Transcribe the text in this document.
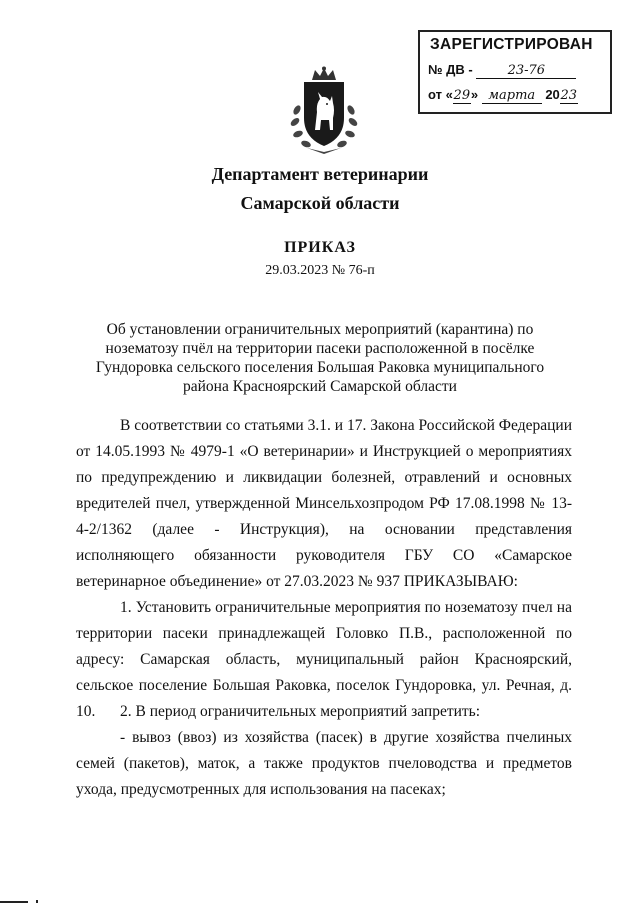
ЗАРЕГИСТРИРОВАН
№ ДВ -	23-76
от «29» марта 2023
Департамент ветеринарии
Самарской области
ПРИКАЗ
29.03.2023 № 76-п
Об установлении ограничительных мероприятий (карантина) по нозематозу пчёл на территории пасеки расположенной в посёлке Гундоровка сельского поселения Большая Раковка муниципального района Красноярский Самарской области

В соответствии со статьями 3.1. и 17. Закона Российской Федерации от 14.05.1993 № 4979-1 «О ветеринарии» и Инструкцией о мероприятиях по предупреждению и ликвидации болезней, отравлений и основных вредителей пчел, утвержденной Минсельхозпродом РФ 17.08.1998 № 13-4-2/1362 (далее - Инструкция), на основании представления исполняющего обязанности руководителя ГБУ СО «Самарское ветеринарное объединение» от 27.03.2023 № 937 ПРИКАЗЫВАЮ:

1. Установить ограничительные мероприятия по нозематозу пчел на территории пасеки принадлежащей Головко П.В., расположенной по адресу: Самарская область, муниципальный район Красноярский, сельское поселение Большая Раковка, поселок Гундоровка, ул. Речная, д. 10.	2. В период ограничительных мероприятий запретить:

- вывоз (ввоз) из хозяйства (пасек) в другие хозяйства пчелиных семей (пакетов), маток, а также продуктов пчеловодства и предметов ухода, предусмотренных для использования на пасеках;
